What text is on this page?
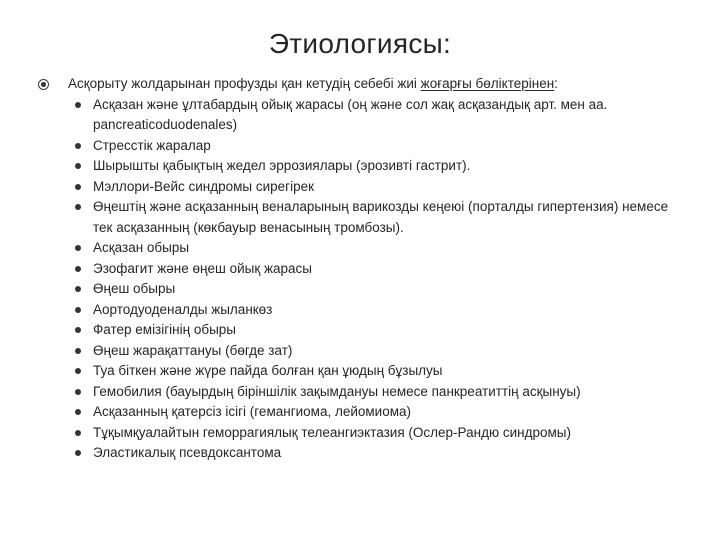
Этиологиясы:
Асқорыту жолдарынан профузды қан кетудің себебі жиі жоғарғы бөліктерінен:
Асқазан және ұлтабардың ойық жарасы (оң және сол жақ асқазандық арт. мен аа. pancreaticoduodenales)
Стресстік жаралар
Шырышты қабықтың жедел эррозиялары (эрозивті гастрит).
Мэллори-Вейс синдромы сирегірек
Өңештің және асқазанның веналарының варикозды кеңеюі (порталды гипертензия) немесе тек асқазанның (көкбауыр венасының тромбозы).
Асқазан обыры
Эзофагит және өңеш ойық жарасы
Өңеш обыры
Аортодуоденалды жыланкөз
Фатер емізігінің обыры
Өңеш жарақаттануы (бөгде зат)
Туа біткен және жүре пайда болған қан ұюдың бұзылуы
Гемобилия (бауырдың біріншілік зақымдануы немесе панкреатиттің асқынуы)
Асқазанның қатерсіз ісігі (гемангиома, лейомиома)
Тұқымқуалайтын геморрагиялық телеангиэктазия (Ослер-Рандю синдромы)
Эластикалық псевдоксантома
